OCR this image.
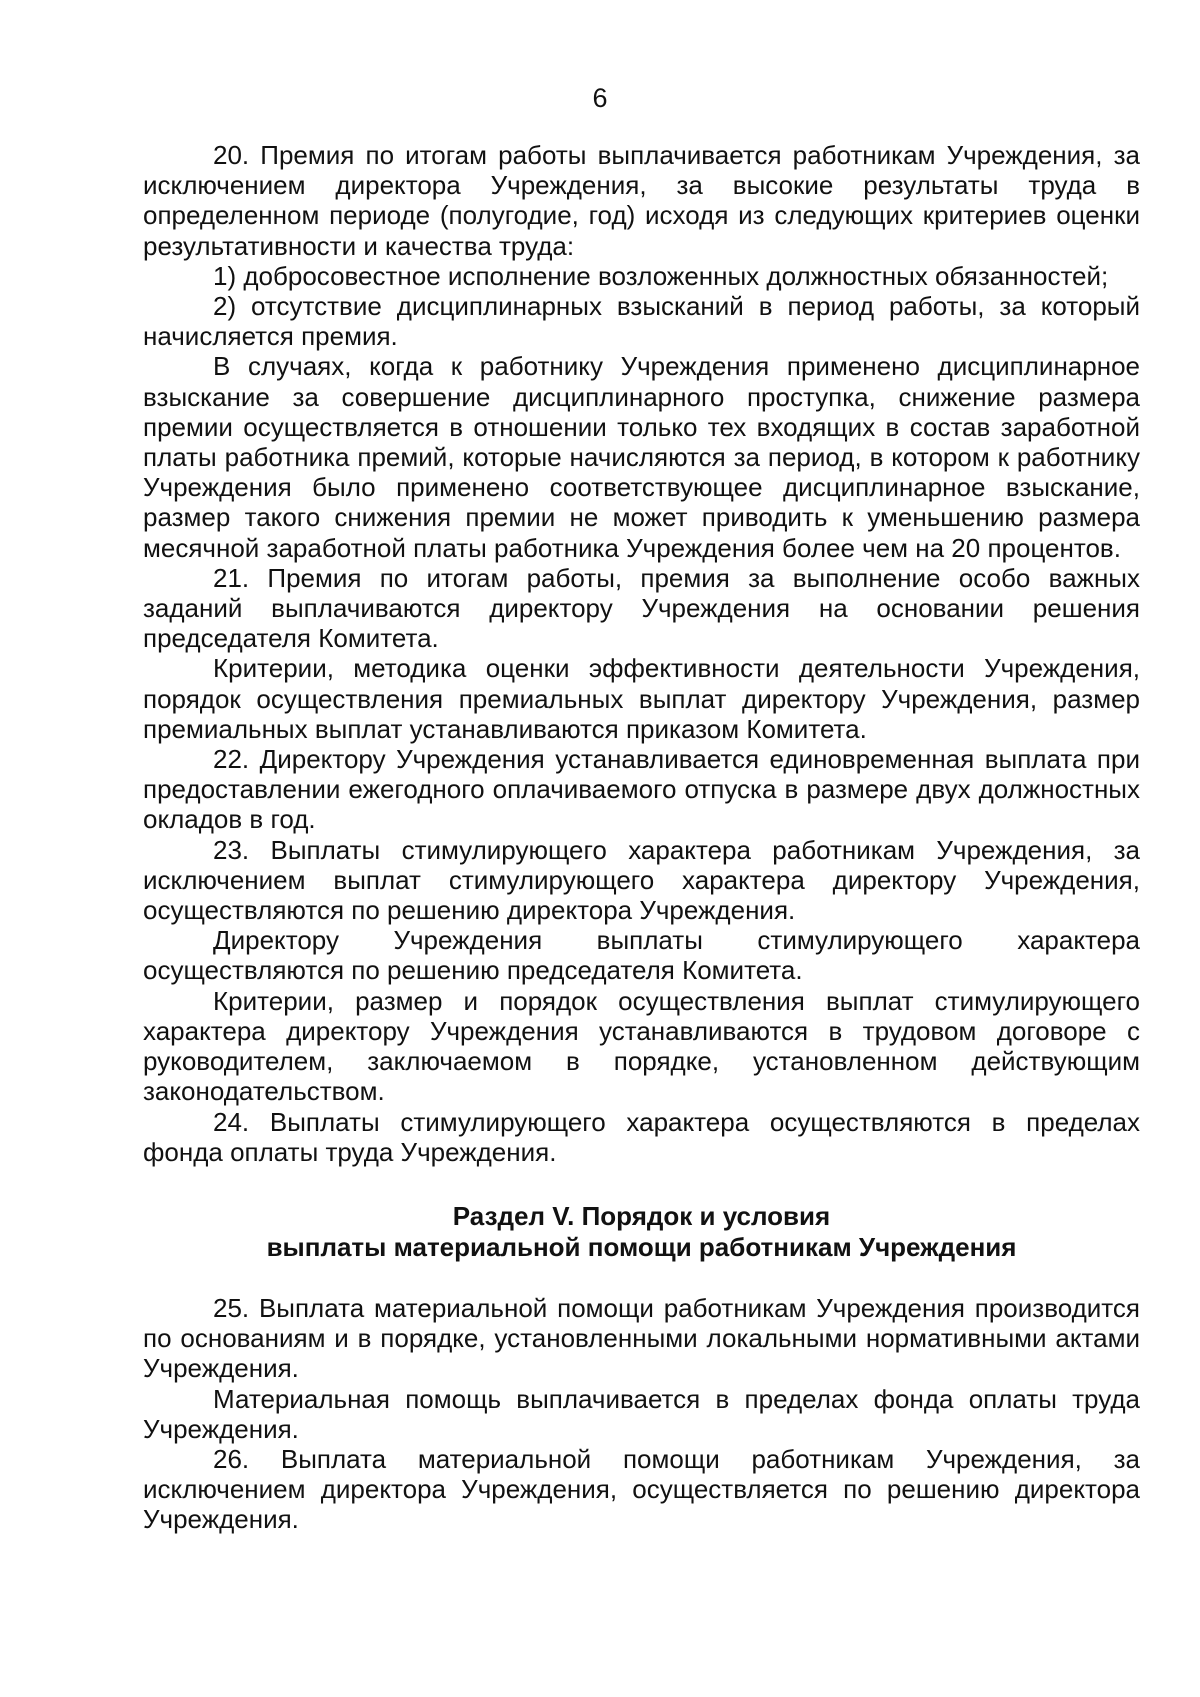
6

20. Премия по итогам работы выплачивается работникам Учреждения, за исключением директора Учреждения, за высокие результаты труда в определенном периоде (полугодие, год) исходя из следующих критериев оценки результативности и качества труда:

1) добросовестное исполнение возложенных должностных обязанностей;

2) отсутствие дисциплинарных взысканий в период работы, за который начисляется премия.

В случаях, когда к работнику Учреждения применено дисциплинарное взыскание за совершение дисциплинарного проступка, снижение размера премии осуществляется в отношении только тех входящих в состав заработной платы работника премий, которые начисляются за период, в котором к работнику Учреждения было применено соответствующее дисциплинарное взыскание, размер такого снижения премии не может приводить к уменьшению размера месячной заработной платы работника Учреждения более чем на 20 процентов.

21. Премия по итогам работы, премия за выполнение особо важных заданий выплачиваются директору Учреждения на основании решения председателя Комитета.

Критерии, методика оценки эффективности деятельности Учреждения, порядок осуществления премиальных выплат директору Учреждения, размер премиальных выплат устанавливаются приказом Комитета.

22. Директору Учреждения устанавливается единовременная выплата при предоставлении ежегодного оплачиваемого отпуска в размере двух должностных окладов в год.

23. Выплаты стимулирующего характера работникам Учреждения, за исключением выплат стимулирующего характера директору Учреждения, осуществляются по решению директора Учреждения.

Директору Учреждения выплаты стимулирующего характера осуществляются по решению председателя Комитета.

Критерии, размер и порядок осуществления выплат стимулирующего характера директору Учреждения устанавливаются в трудовом договоре с руководителем, заключаемом в порядке, установленном действующим законодательством.

24. Выплаты стимулирующего характера осуществляются в пределах фонда оплаты труда Учреждения.

Раздел V. Порядок и условия
выплаты материальной помощи работникам Учреждения

25. Выплата материальной помощи работникам Учреждения производится по основаниям и в порядке, установленными локальными нормативными актами Учреждения.

Материальная помощь выплачивается в пределах фонда оплаты труда Учреждения.

26. Выплата материальной помощи работникам Учреждения, за исключением директора Учреждения, осуществляется по решению директора Учреждения.
